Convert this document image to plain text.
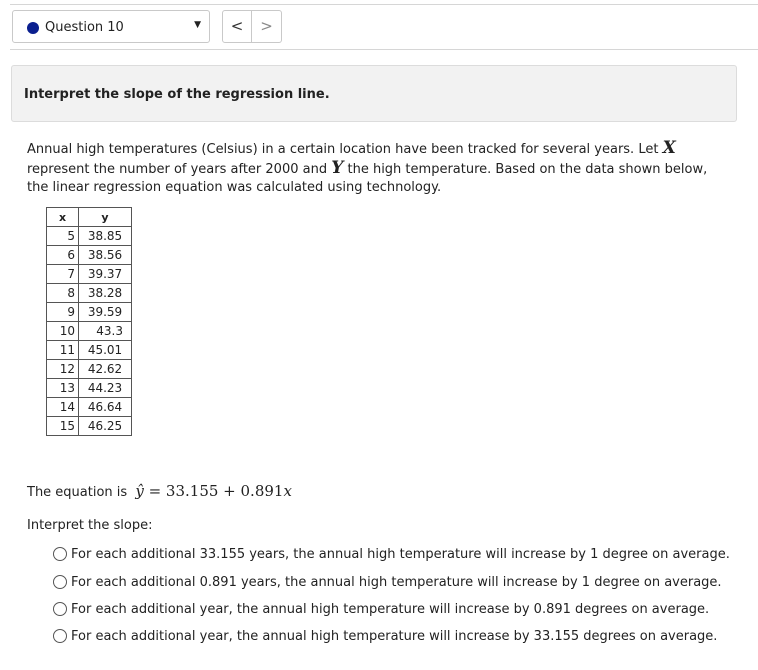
Question 10	▼	<	>
Interpret the slope of the regression line.
Annual high temperatures (Celsius) in a certain location have been tracked for several years. Let X represent the number of years after 2000 and Y the high temperature. Based on the data shown below, the linear regression equation was calculated using technology.
x	y
5	38.85
6	38.56
7	39.37
8	38.28
9	39.59
10	43.3
11	45.01
12	42.62
13	44.23
14	46.64
15	46.25
The equation is ŷ = 33.155 + 0.891x
Interpret the slope:
For each additional 33.155 years, the annual high temperature will increase by 1 degree on average.
For each additional 0.891 years, the annual high temperature will increase by 1 degree on average.
For each additional year, the annual high temperature will increase by 0.891 degrees on average.
For each additional year, the annual high temperature will increase by 33.155 degrees on average.
